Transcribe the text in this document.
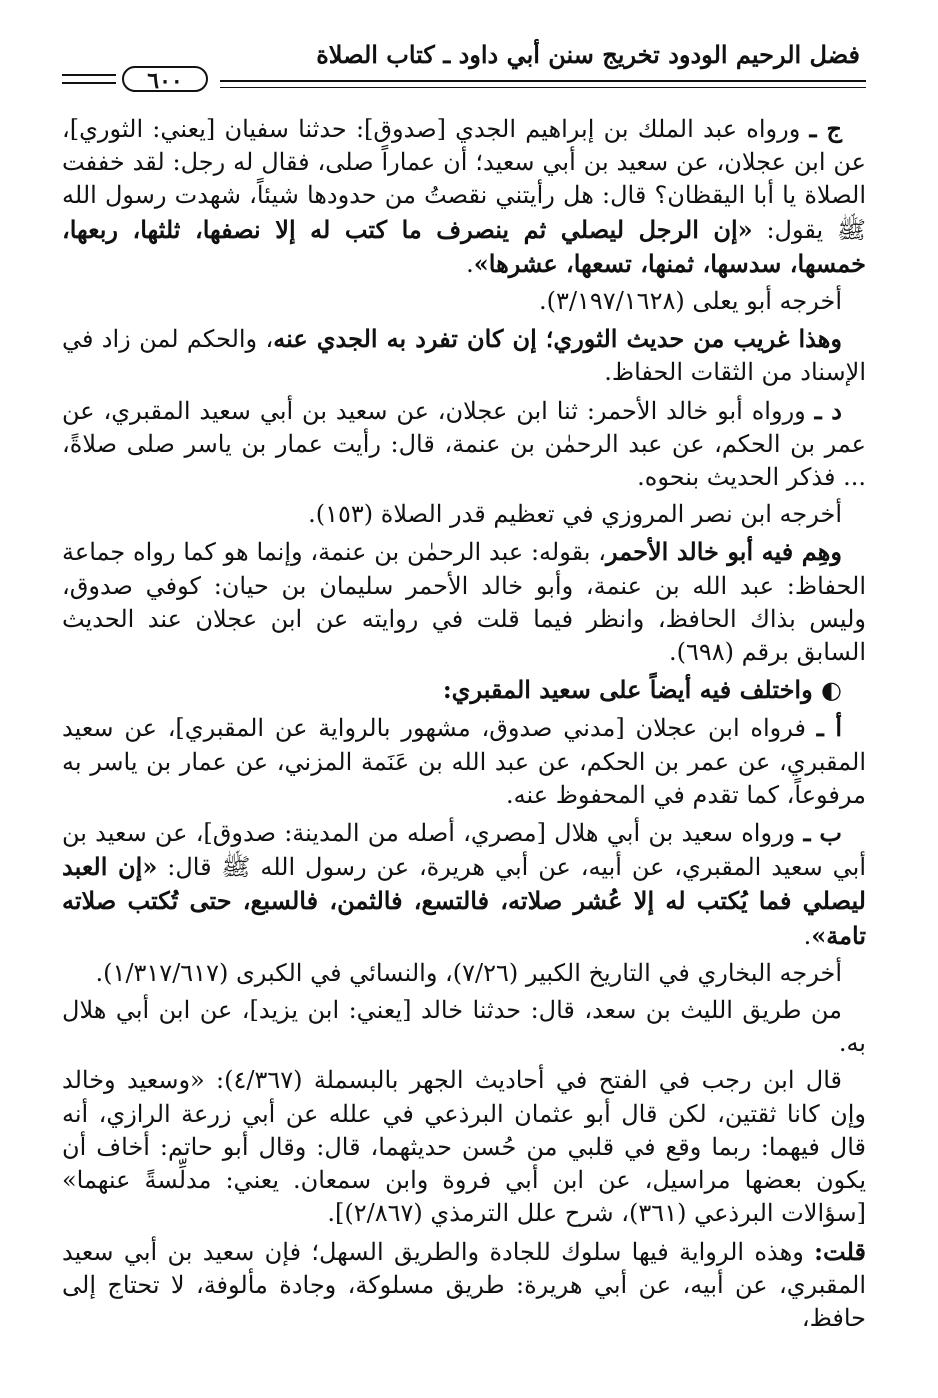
فضل الرحيم الودود تخريج سنن أبي داود ـ كتاب الصلاة
٦٠٠

ج ـ ورواه عبد الملك بن إبراهيم الجدي [صدوق]: حدثنا سفيان [يعني: الثوري]، عن ابن عجلان، عن سعيد بن أبي سعيد؛ أن عماراً صلى، فقال له رجل: لقد خففت الصلاة يا أبا اليقظان؟ قال: هل رأيتني نقصتُ من حدودها شيئاً، شهدت رسول الله ﷺ يقول: «إن الرجل ليصلي ثم ينصرف ما كتب له إلا نصفها، ثلثها، ربعها، خمسها، سدسها، ثمنها، تسعها، عشرها».

أخرجه أبو يعلى (٣/١٩٧/١٦٢٨).

وهذا غريب من حديث الثوري؛ إن كان تفرد به الجدي عنه، والحكم لمن زاد في الإسناد من الثقات الحفاظ.

د ـ ورواه أبو خالد الأحمر: ثنا ابن عجلان، عن سعيد بن أبي سعيد المقبري، عن عمر بن الحكم، عن عبد الرحمٰن بن عنمة، قال: رأيت عمار بن ياسر صلى صلاةً، ... فذكر الحديث بنحوه.

أخرجه ابن نصر المروزي في تعظيم قدر الصلاة (١٥٣).

وهِم فيه أبو خالد الأحمر، بقوله: عبد الرحمٰن بن عنمة، وإنما هو كما رواه جماعة الحفاظ: عبد الله بن عنمة، وأبو خالد الأحمر سليمان بن حيان: كوفي صدوق، وليس بذاك الحافظ، وانظر فيما قلت في روايته عن ابن عجلان عند الحديث السابق برقم (٦٩٨).

◐ واختلف فيه أيضاً على سعيد المقبري:

أ ـ فرواه ابن عجلان [مدني صدوق، مشهور بالرواية عن المقبري]، عن سعيد المقبري، عن عمر بن الحكم، عن عبد الله بن عَنَمة المزني، عن عمار بن ياسر به مرفوعاً، كما تقدم في المحفوظ عنه.

ب ـ ورواه سعيد بن أبي هلال [مصري، أصله من المدينة: صدوق]، عن سعيد بن أبي سعيد المقبري، عن أبيه، عن أبي هريرة، عن رسول الله ﷺ قال: «إن العبد ليصلي فما يُكتب له إلا عُشر صلاته، فالتسع، فالثمن، فالسبع، حتى تُكتب صلاته تامة».

أخرجه البخاري في التاريخ الكبير (٧/٢٦)، والنسائي في الكبرى (١/٣١٧/٦١٧).

من طريق الليث بن سعد، قال: حدثنا خالد [يعني: ابن يزيد]، عن ابن أبي هلال به.

قال ابن رجب في الفتح في أحاديث الجهر بالبسملة (٤/٣٦٧): «وسعيد وخالد وإن كانا ثقتين، لكن قال أبو عثمان البرذعي في علله عن أبي زرعة الرازي، أنه قال فيهما: ربما وقع في قلبي من حُسن حديثهما، قال: وقال أبو حاتم: أخاف أن يكون بعضها مراسيل، عن ابن أبي فروة وابن سمعان. يعني: مدلِّسةً عنهما» [سؤالات البرذعي (٣٦١)، شرح علل الترمذي (٢/٨٦٧)].

قلت: وهذه الرواية فيها سلوك للجادة والطريق السهل؛ فإن سعيد بن أبي سعيد المقبري، عن أبيه، عن أبي هريرة: طريق مسلوكة، وجادة مألوفة، لا تحتاج إلى حافظ،
